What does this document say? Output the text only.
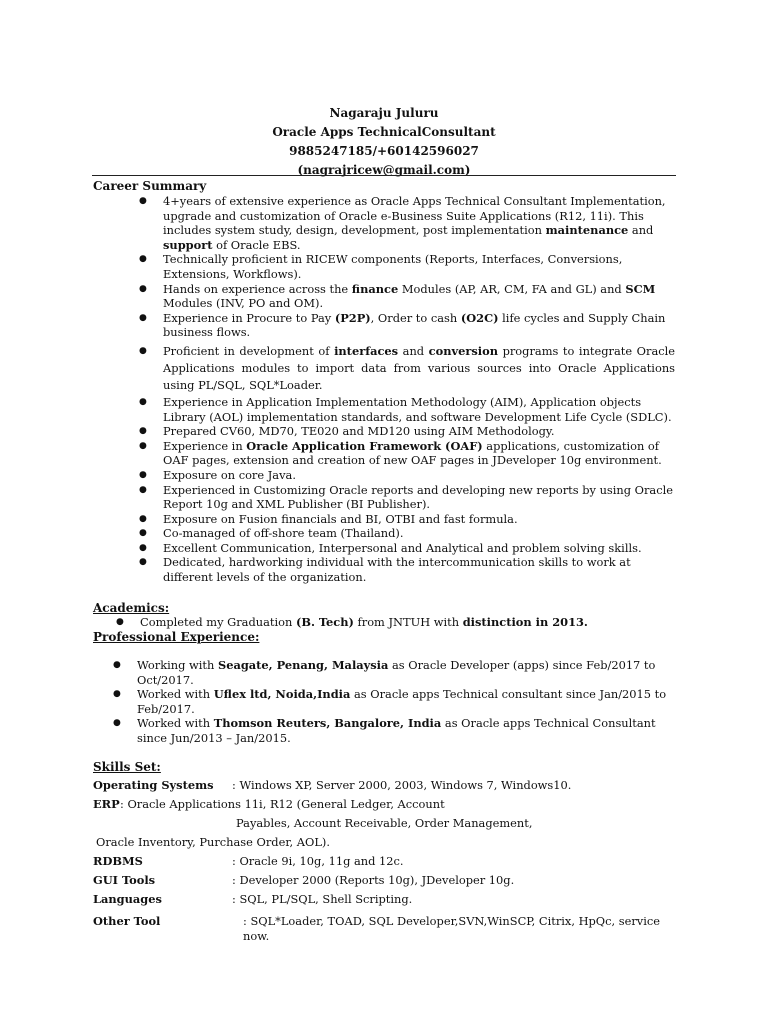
Nagaraju Juluru
Oracle Apps TechnicalConsultant
9885247185/+60142596027
(nagrajricew@gmail.com)
Career Summary
● 4+years of extensive experience as Oracle Apps Technical Consultant Implementation, upgrade and customization of Oracle e-Business Suite Applications (R12, 11i). This includes system study, design, development, post implementation maintenance and support of Oracle EBS.
● Technically proficient in RICEW components (Reports, Interfaces, Conversions, Extensions, Workflows).
● Hands on experience across the finance Modules (AP, AR, CM, FA and GL) and SCM Modules (INV, PO and OM).
● Experience in Procure to Pay (P2P), Order to cash (O2C) life cycles and Supply Chain business flows.
● Proficient in development of interfaces and conversion programs to integrate Oracle Applications modules to import data from various sources into Oracle Applications using PL/SQL, SQL*Loader.
● Experience in Application Implementation Methodology (AIM), Application objects Library (AOL) implementation standards, and software Development Life Cycle (SDLC).
● Prepared CV60, MD70, TE020 and MD120 using AIM Methodology.
● Experience in Oracle Application Framework (OAF) applications, customization of OAF pages, extension and creation of new OAF pages in JDeveloper 10g environment.
● Exposure on core Java.
● Experienced in Customizing Oracle reports and developing new reports by using Oracle Report 10g and XML Publisher (BI Publisher).
● Exposure on Fusion financials and BI, OTBI and fast formula.
● Co-managed of off-shore team (Thailand).
● Excellent Communication, Interpersonal and Analytical and problem solving skills.
● Dedicated, hardworking individual with the intercommunication skills to work at different levels of the organization.
Academics:
● Completed my Graduation (B. Tech) from JNTUH with distinction in 2013.
Professional Experience:
● Working with Seagate, Penang, Malaysia as Oracle Developer (apps) since Feb/2017 to Oct/2017.
● Worked with Uflex ltd, Noida,India as Oracle apps Technical consultant since Jan/2015 to Feb/2017.
● Worked with Thomson Reuters, Bangalore, India as Oracle apps Technical Consultant since Jun/2013 – Jan/2015.
Skills Set:
Operating Systems : Windows XP, Server 2000, 2003, Windows 7, Windows10.
ERP : Oracle Applications 11i, R12 (General Ledger, Account
Payables, Account Receivable, Order Management,
Oracle Inventory, Purchase Order, AOL).
RDBMS	: Oracle 9i, 10g, 11g and 12c.
GUI Tools	: Developer 2000 (Reports 10g), JDeveloper 10g.
Languages	: SQL, PL/SQL, Shell Scripting.
Other Tool	: SQL*Loader, TOAD, SQL Developer,SVN,WinSCP, Citrix, HpQc, service now.
